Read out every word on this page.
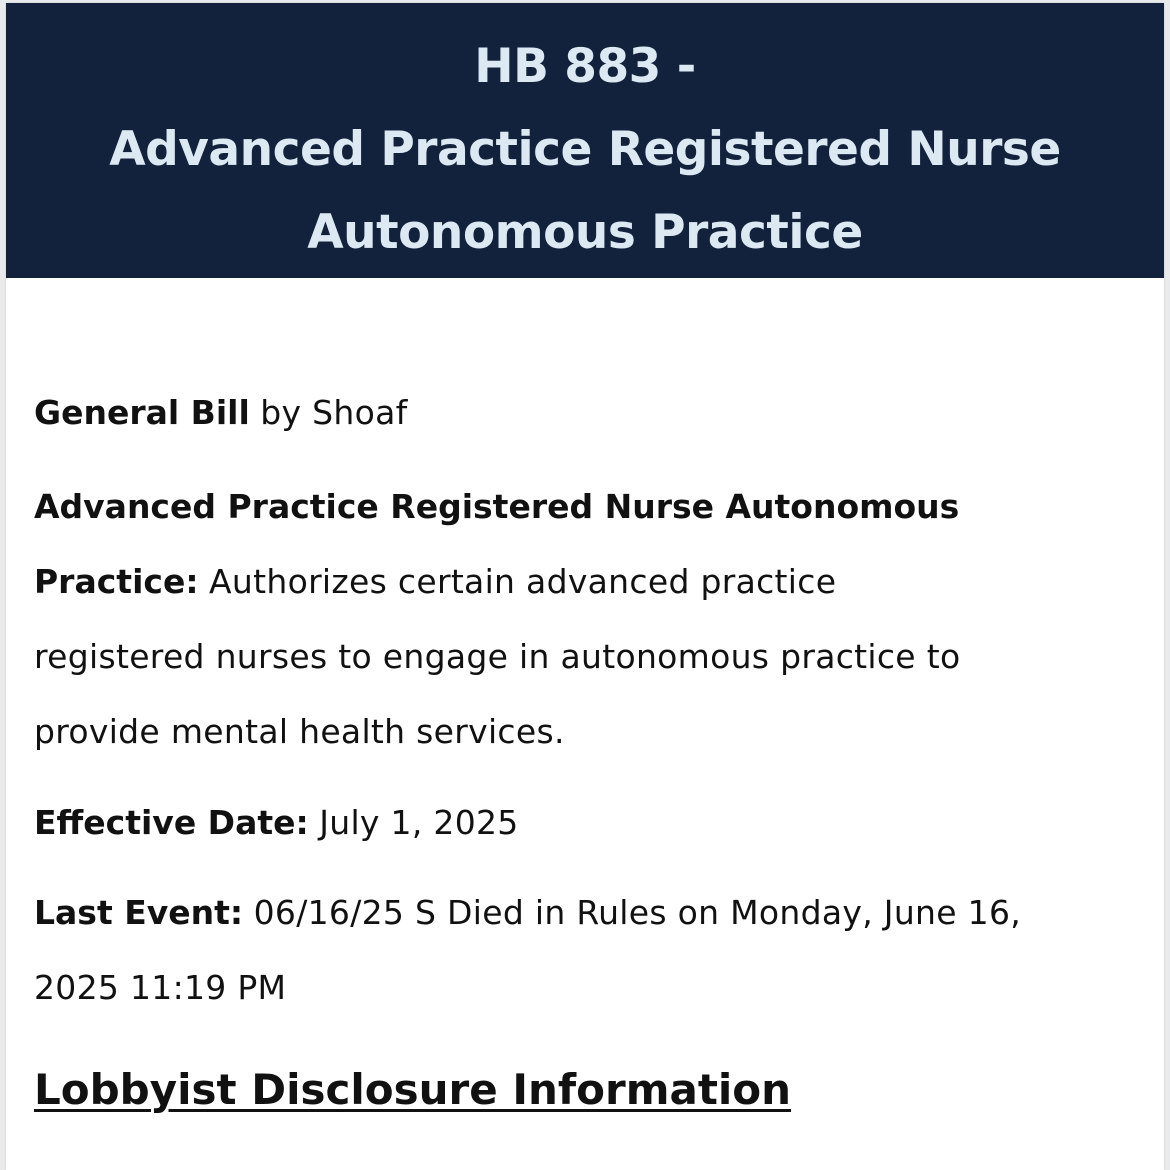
HB 883 -
Advanced Practice Registered Nurse
Autonomous Practice
General Bill by Shoaf
Advanced Practice Registered Nurse Autonomous
Practice: Authorizes certain advanced practice
registered nurses to engage in autonomous practice to
provide mental health services.
Effective Date: July 1, 2025
Last Event: 06/16/25 S Died in Rules on Monday, June 16,
2025 11:19 PM
Lobbyist Disclosure Information
